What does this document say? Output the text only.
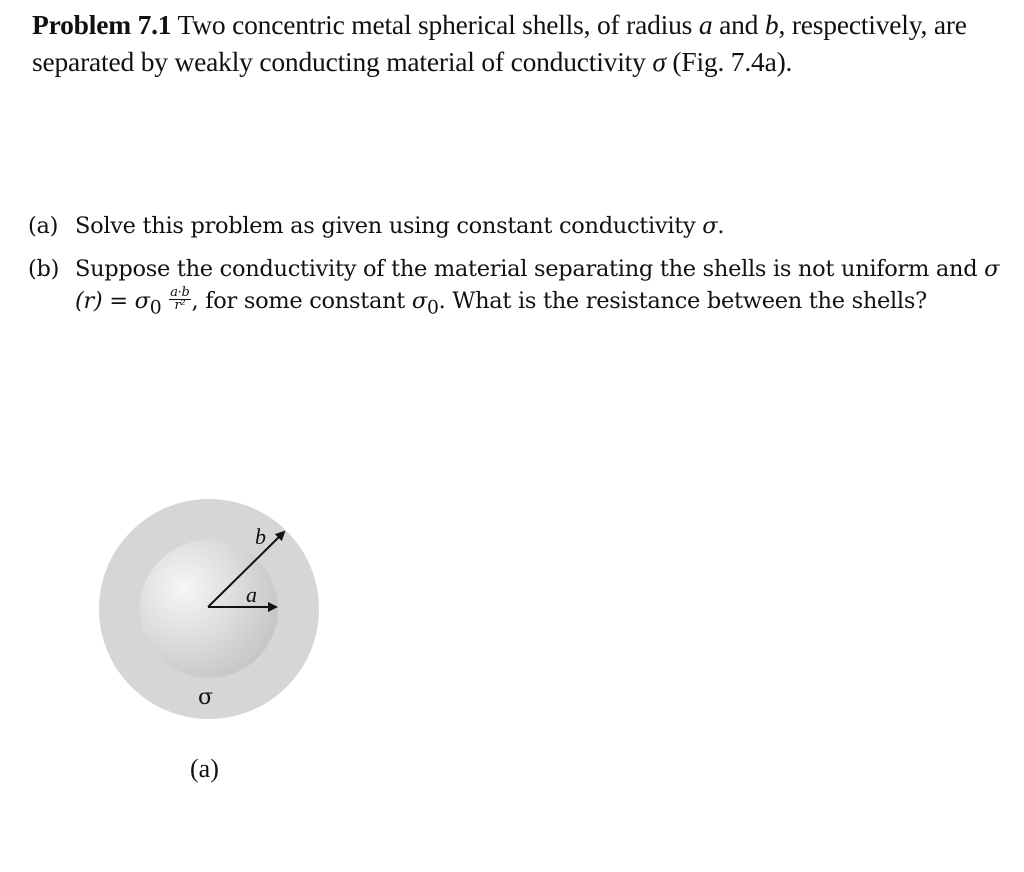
Problem 7.1 Two concentric metal spherical shells, of radius a and b, respectively, are separated by weakly conducting material of conductivity σ (Fig. 7.4a).
(a) Solve this problem as given using constant conductivity σ.
(b) Suppose the conductivity of the material separating the shells is not uniform and σ $(r) = \sigma_0 \frac{a\cdot b}{\text{r²}}$ , for some constant $\sigma_0$. What is the resistance between the shells?
b
a
σ
(a)
